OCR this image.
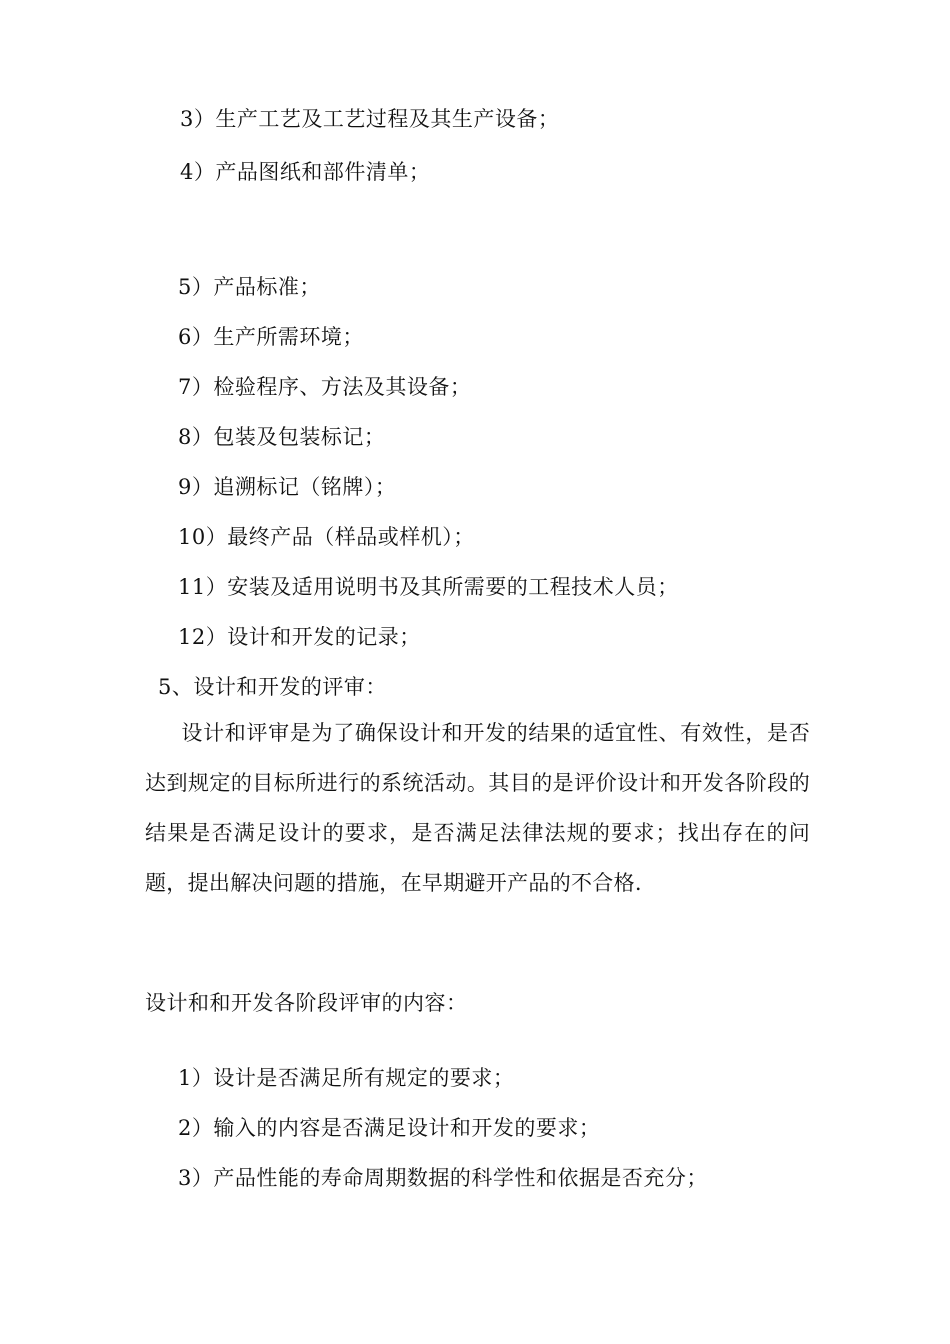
3）生产工艺及工艺过程及其生产设备；
4）产品图纸和部件清单；
5）产品标准；
6）生产所需环境；
7）检验程序、方法及其设备；
8）包装及包装标记；
9）追溯标记（铭牌）；
10）最终产品（样品或样机）；
11）安装及适用说明书及其所需要的工程技术人员；
12）设计和开发的记录；
5、设计和开发的评审：
设计和评审是为了确保设计和开发的结果的适宜性、有效性，是否达到规定的目标所进行的系统活动。其目的是评价设计和开发各阶段的结果是否满足设计的要求，是否满足法律法规的要求；找出存在的问题，提出解决问题的措施，在早期避开产品的不合格.
设计和和开发各阶段评审的内容：
1）设计是否满足所有规定的要求；
2）输入的内容是否满足设计和开发的要求；
3）产品性能的寿命周期数据的科学性和依据是否充分；
